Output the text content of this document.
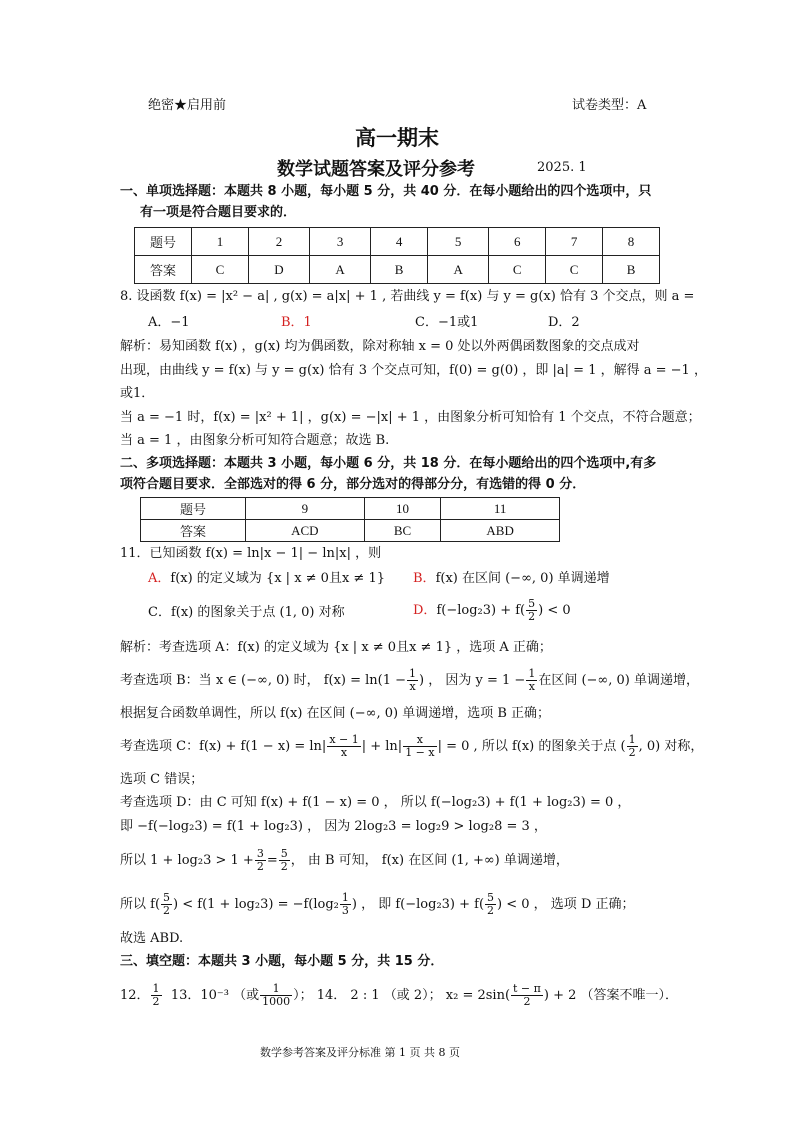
绝密★启用前	试卷类型：A
高一期末
数学试题答案及评分参考	2025. 1
一、单项选择题：本题共 8 小题，每小题 5 分，共 40 分．在每小题给出的四个选项中，只
有一项是符合题目要求的．
题号	1	2	3	4	5	6	7	8
答案	C	D	A	B	A	C	C	B
8. 设函数 f(x) = |x² − a| , g(x) = a|x| + 1 , 若曲线 y = f(x) 与 y = g(x) 恰有 3 个交点，则 a =
A．−1	B．1	C．−1或1	D．2
解析：易知函数 f(x) ，g(x) 均为偶函数，除对称轴 x = 0 处以外两偶函数图象的交点成对
出现，由曲线 y = f(x) 与 y = g(x) 恰有 3 个交点可知，f(0) = g(0) ，即 |a| = 1 ，解得 a = −1 ，
或1．
当 a = −1 时，f(x) = |x² + 1| ，g(x) = −|x| + 1 ，由图象分析可知恰有 1 个交点，不符合题意；
当 a = 1 ，由图象分析可知符合题意；故选 B.
二、多项选择题：本题共 3 小题，每小题 6 分，共 18 分．在每小题给出的四个选项中,有多
项符合题目要求．全部选对的得 6 分，部分选对的得部分分，有选错的得 0 分．
题号	9	10	11
答案	ACD	BC	ABD
11．已知函数 f(x) = ln|x − 1| − ln|x| ，则
A．f(x) 的定义域为 {x | x ≠ 0且x ≠ 1} B．f(x) 在区间 (−∞, 0) 单调递增
C．f(x) 的图象关于点 (1, 0) 对称	D．$f(-\log_23) + f( \frac{5}{2}$ ) < 0
解析：考查选项 A：f(x) 的定义域为 {x | x ≠ 0且x ≠ 1} ，选项 A 正确；
考查选项 B：当 x ∈ (−∞, 0) 时， $f(x) = \ln(1 - \frac{1}{x}$ ) ， 因为 $y = 1 - \frac{1}{x}$ 在区间 (−∞, 0) 单调递增，
根据复合函数单调性，所以 f(x) 在区间 (−∞, 0) 单调递增，选项 B 正确；
考查选项 C：$f(x) + f(1 - x) = \ln| \frac{x - 1}{x}$ | + $\ln| \frac{x}{1 - x}$ | = 0 , 所以 f(x) 的图象关于点 ( $\frac{1}{2}$ , 0) 对称，
选项 C 错误；
考查选项 D：由 C 可知 f(x) + f(1 − x) = 0 ， 所以 f(−log₂3) + f(1 + log₂3) = 0 ，
即 −f(−log₂3) = f(1 + log₂3) ， 因为 2log₂3 = log₂9 > log₂8 = 3 ，
所以 $1 + \log_23 > 1 + \frac{3}{2} = \frac{5}{2}$ ， 由 B 可知， f(x) 在区间 (1, +∞) 单调递增，
所以 $f( \frac{5}{2}$ ) < $f(1 + \log_23) = -f(\log_2 \frac{1}{3}$ ) ， 即 $f(-\log_23) + f( \frac{5}{2}$ ) < 0 ， 选项 D 正确；
故选 ABD.
三、填空题：本题共 3 小题，每小题 5 分，共 15 分．
12． $\frac{1}{2} 13$．10⁻³ （或 $\frac{1}{1000}$ ）； 14． 2 : 1 （或 2）； $x_2 = 2\sin( \frac{t - \pi}{2}$ ) + 2 （答案不唯一）．
数学参考答案及评分标准 第 1 页 共 8 页
